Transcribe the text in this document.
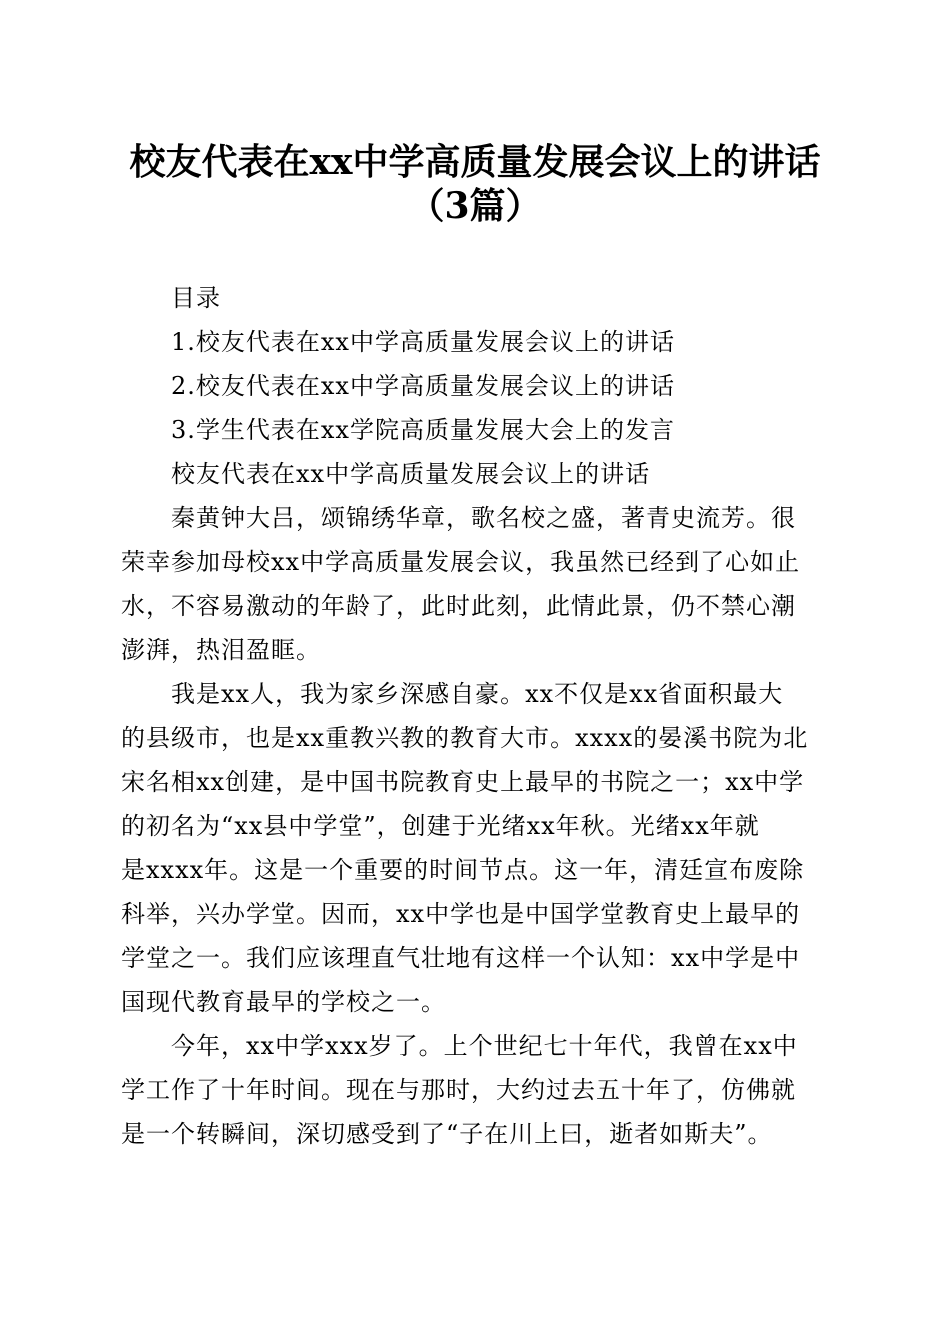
校友代表在xx中学高质量发展会议上的讲话
（3篇）
目录
1.校友代表在xx中学高质量发展会议上的讲话
2.校友代表在xx中学高质量发展会议上的讲话
3.学生代表在xx学院高质量发展大会上的发言
校友代表在xx中学高质量发展会议上的讲话
秦黄钟大吕，颂锦绣华章，歌名校之盛，著青史流芳。很
荣幸参加母校xx中学高质量发展会议，我虽然已经到了心如止
水，不容易激动的年龄了，此时此刻，此情此景，仍不禁心潮
澎湃，热泪盈眶。
我是xx人，我为家乡深感自豪。xx不仅是xx省面积最大
的县级市，也是xx重教兴教的教育大市。xxxx的晏溪书院为北
宋名相xx创建，是中国书院教育史上最早的书院之一；xx中学
的初名为“xx县中学堂”，创建于光绪xx年秋。光绪xx年就
是xxxx年。这是一个重要的时间节点。这一年，清廷宣布废除
科举，兴办学堂。因而，xx中学也是中国学堂教育史上最早的
学堂之一。我们应该理直气壮地有这样一个认知：xx中学是中
国现代教育最早的学校之一。
今年，xx中学xxx岁了。上个世纪七十年代，我曾在xx中
学工作了十年时间。现在与那时，大约过去五十年了，仿佛就
是一个转瞬间，深切感受到了“子在川上曰，逝者如斯夫”。
